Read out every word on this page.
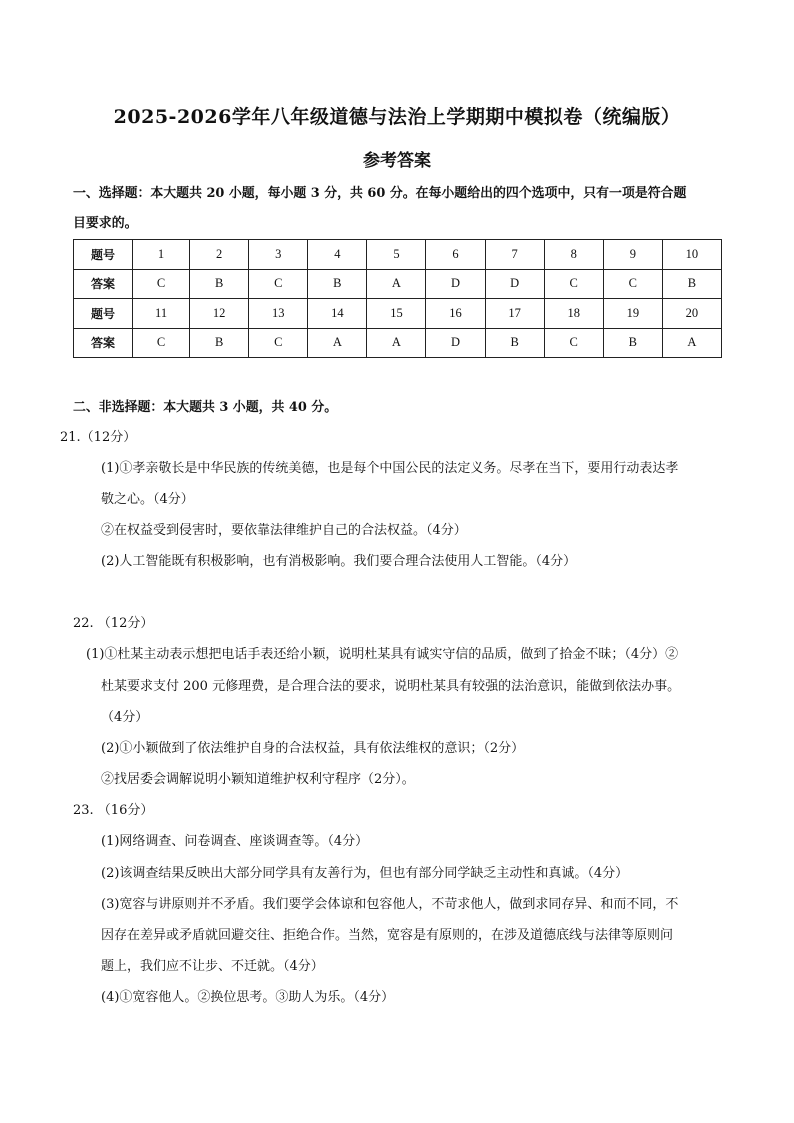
2025-2026学年八年级道德与法治上学期期中模拟卷（统编版）
参考答案
一、选择题：本大题共 20 小题，每小题 3 分，共 60 分。在每小题给出的四个选项中，只有一项是符合题
目要求的。
题号	1	2	3	4	5	6	7	8	9	10
答案	C	B	C	B	A	D	D	C	C	B
题号	11	12	13	14	15	16	17	18	19	20
答案	C	B	C	A	A	D	B	C	B	A
二、非选择题：本大题共 3 小题，共 40 分。
21.（12分）
(1)①孝亲敬长是中华民族的传统美德，也是每个中国公民的法定义务。尽孝在当下，要用行动表达孝
敬之心。（4分）
②在权益受到侵害时，要依靠法律维护自己的合法权益。（4分）
(2)人工智能既有积极影响，也有消极影响。我们要合理合法使用人工智能。（4分）
22. （12分）
(1)①杜某主动表示想把电话手表还给小颖，说明杜某具有诚实守信的品质，做到了拾金不昧；（4分）②
杜某要求支付 200 元修理费，是合理合法的要求，说明杜某具有较强的法治意识，能做到依法办事。
（4分）
(2)①小颖做到了依法维护自身的合法权益，具有依法维权的意识；（2分）
②找居委会调解说明小颖知道维护权利守程序（2分）。
23. （16分）
(1)网络调查、问卷调查、座谈调查等。（4分）
(2)该调查结果反映出大部分同学具有友善行为，但也有部分同学缺乏主动性和真诚。（4分）
(3)宽容与讲原则并不矛盾。我们要学会体谅和包容他人，不苛求他人，做到求同存异、和而不同，不
因存在差异或矛盾就回避交往、拒绝合作。当然，宽容是有原则的，在涉及道德底线与法律等原则问
题上，我们应不让步、不迁就。（4分）
(4)①宽容他人。②换位思考。③助人为乐。（4分）
